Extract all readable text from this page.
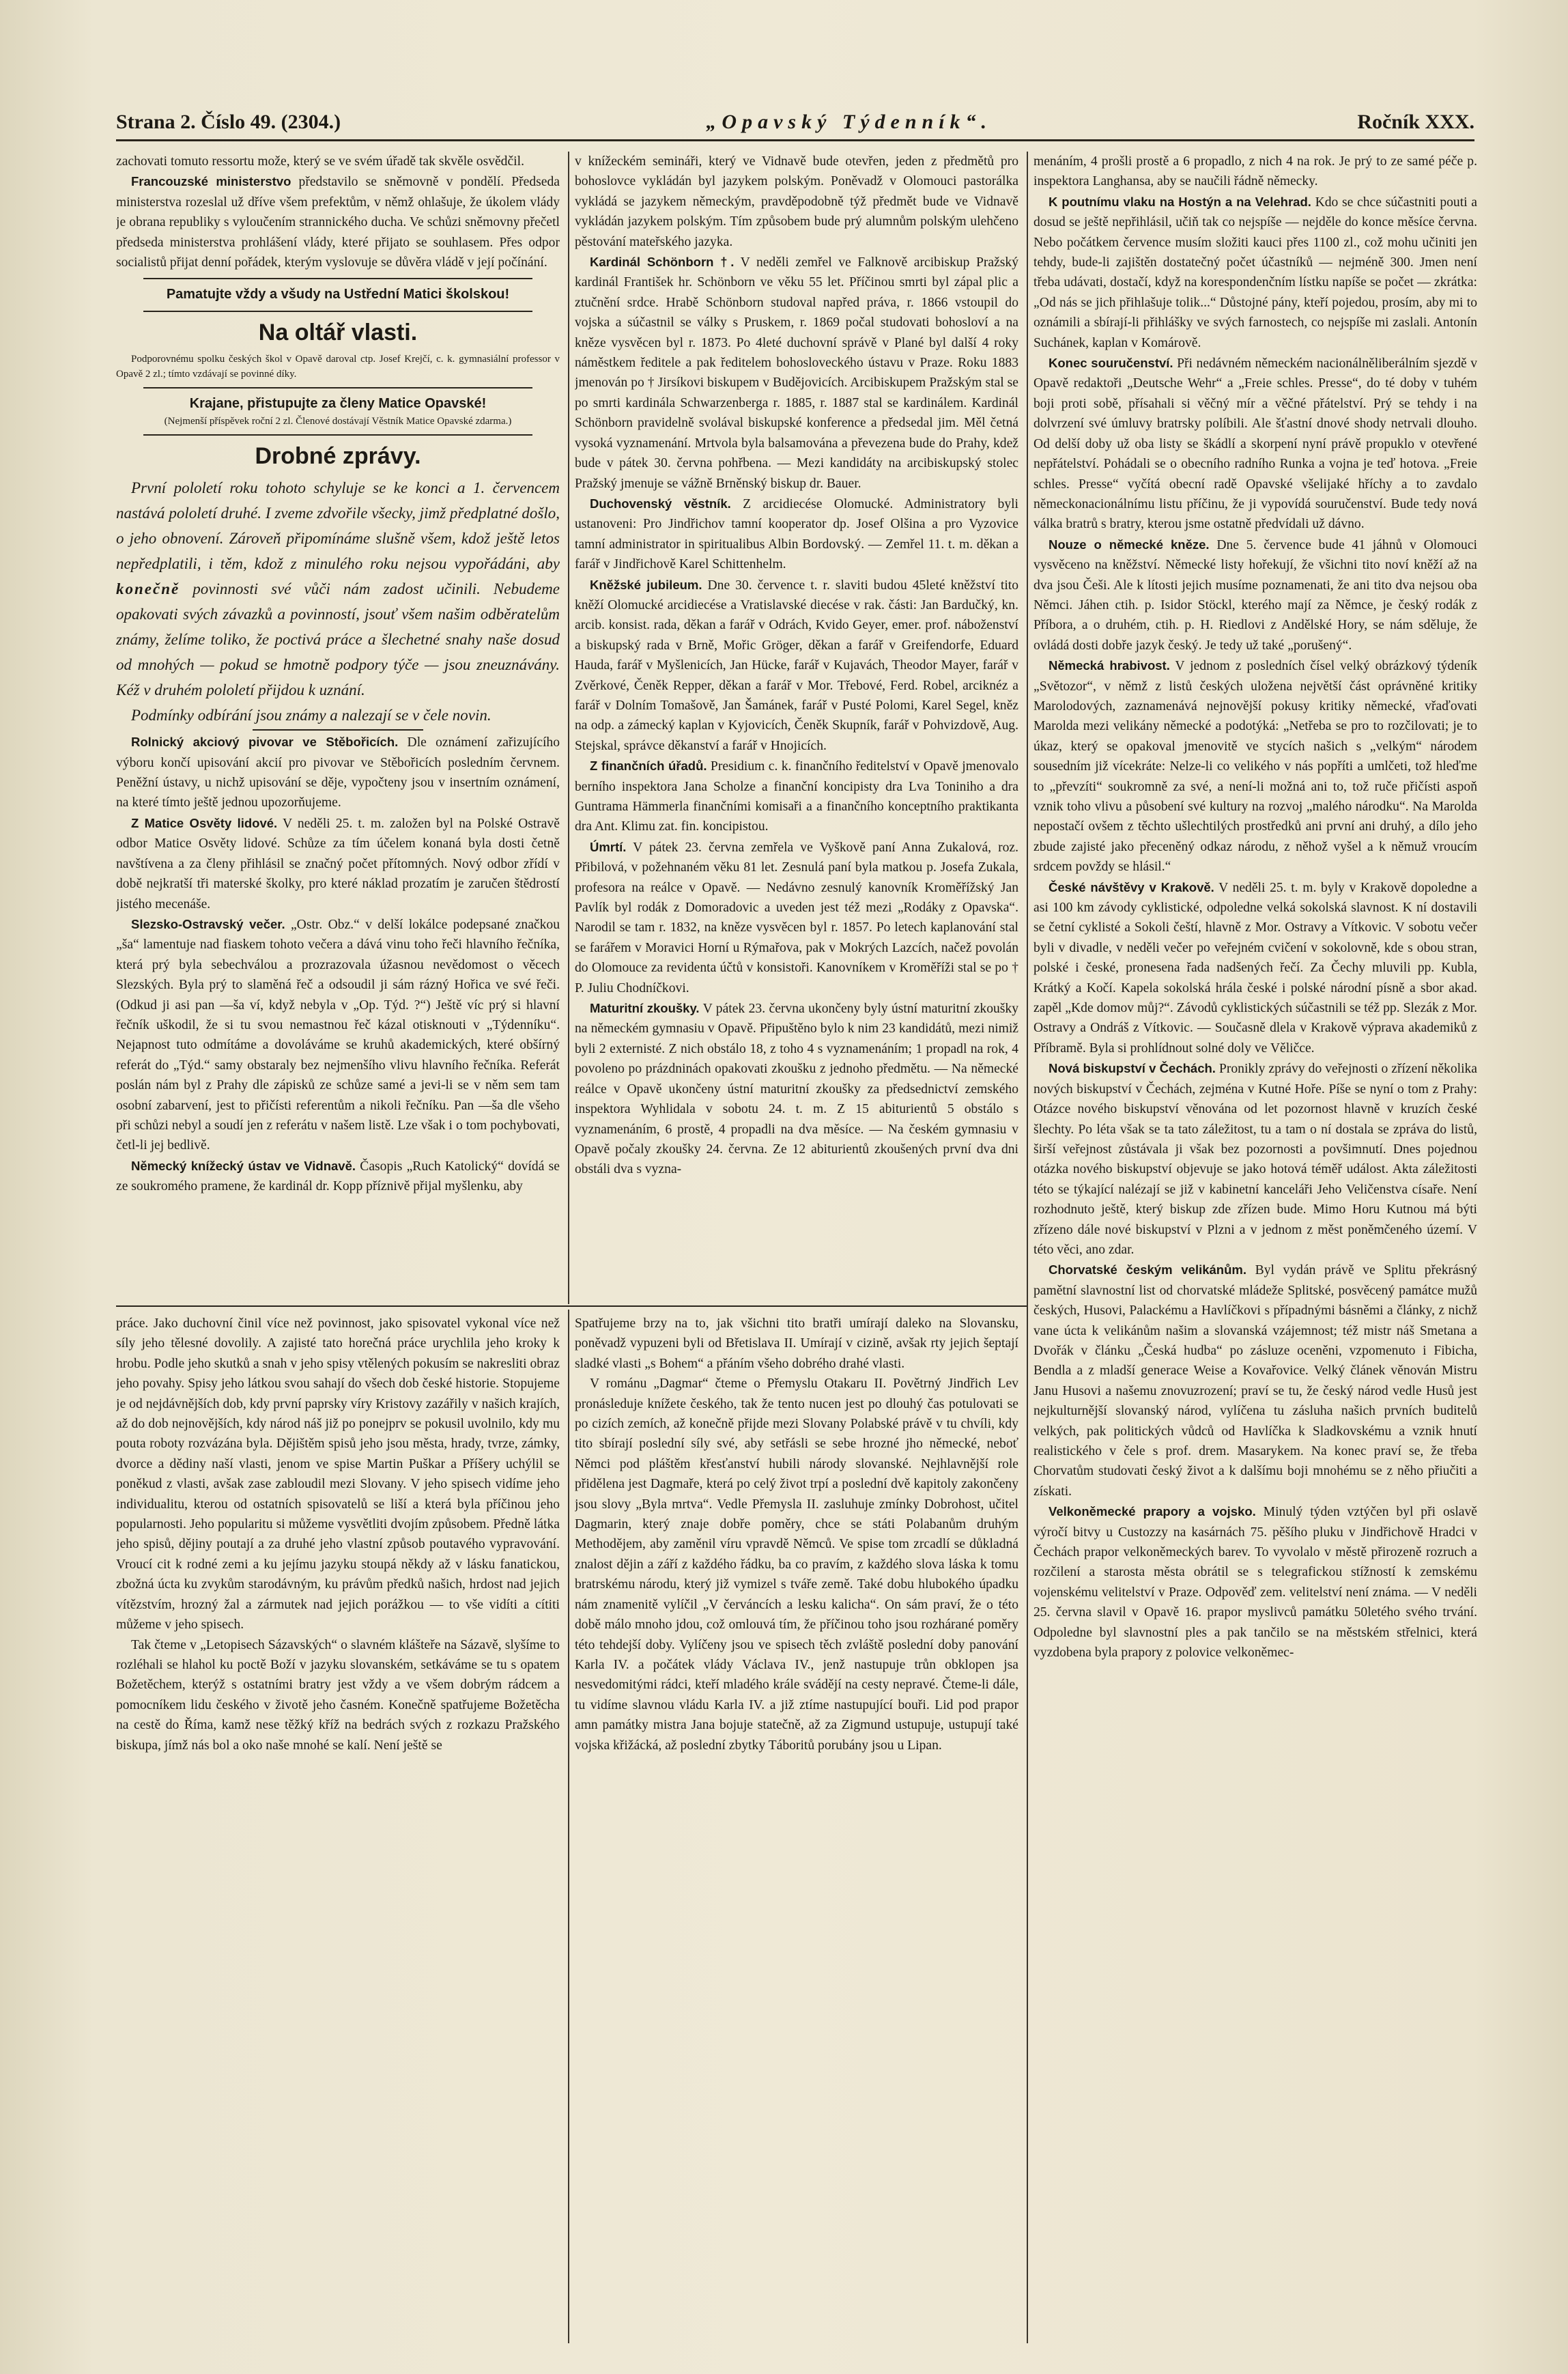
Strana 2. Číslo 49. (2304.)	„Opavský Týdenník“.	Ročník XXX.

zachovati tomuto ressortu može, který se ve svém úřadě tak skvěle osvědčil.

Francouzské ministerstvo představilo se sněmovně v pondělí. Předseda ministerstva rozeslal už dříve všem prefektům, v němž ohlašuje, že úkolem vlády je obrana republiky s vyloučením strannického ducha. Ve schůzi sněmovny přečetl předseda ministerstva prohlášení vlády, které přijato se souhlasem. Přes odpor socialistů přijat denní pořádek, kterým vyslovuje se důvěra vládě v její počínání.

Pamatujte vždy a všudy na Ustřední Matici školskou!

Na oltář vlasti.

Podporovnému spolku českých škol v Opavě daroval ctp. Josef Krejčí, c. k. gymnasiální professor v Opavě 2 zl.; tímto vzdávají se povinné díky.

Krajane, přistupujte za členy Matice Opavské!

(Nejmenší příspěvek roční 2 zl. Členové dostávají Věstník Matice Opavské zdarma.)

Drobné zprávy.

První pololetí roku tohoto schyluje se ke konci a 1. červencem nastává pololetí druhé. I zveme zdvořile všecky, jimž předplatné došlo, o jeho obnovení. Zároveň připomínáme slušně všem, kdož ještě letos nepředplatili, i těm, kdož z minulého roku nejsou vypořádáni, aby konečně povinnosti své vůči nám zadost učinili. Nebudeme opakovati svých závazků a povinností, jsouť všem našim odběratelům známy, želíme toliko, že poctivá práce a šlechetné snahy naše dosud od mnohých — pokud se hmotně podpory týče — jsou zneuznávány. Kéž v druhém pololetí přijdou k uznání.

Podmínky odbírání jsou známy a nalezají se v čele novin.

Rolnický akciový pivovar ve Stěbořicích. Dle oznámení zařizujícího výboru končí upisování akcií pro pivovar ve Stěbořicích posledním červnem. Peněžní ústavy, u nichž upisování se děje, vypočteny jsou v insertním oznámení, na které tímto ještě jednou upozorňujeme.

Z Matice Osvěty lidové. V neděli 25. t. m. založen byl na Polské Ostravě odbor Matice Osvěty lidové. Schůze za tím účelem konaná byla dosti četně navštívena a za členy přihlásil se značný počet přítomných. Nový odbor zřídí v době nejkratší tři materské školky, pro které náklad prozatím je zaručen štědrostí jistého mecenáše.

Slezsko-Ostravský večer. „Ostr. Obz.“ v delší lokálce podepsané značkou „ša“ lamentuje nad fiaskem tohoto večera a dává vinu toho řeči hlavního řečníka, která prý byla sebechválou a prozrazovala úžasnou nevědomost o věcech Slezských. Byla prý to slaměná řeč a odsoudil ji sám rázný Hořica ve své řeči. (Odkud ji asi pan —ša ví, když nebyla v „Op. Týd. ?“) Ještě víc prý si hlavní řečník uškodil, že si tu svou nemastnou řeč kázal otisknouti v „Týdenníku“. Nejapnost tuto odmítáme a dovoláváme se kruhů akademických, které obšírný referát do „Týd.“ samy obstaraly bez nejmenšího vlivu hlavního řečníka. Referát poslán nám byl z Prahy dle zápisků ze schůze samé a jevi-li se v něm sem tam osobní zabarvení, jest to přičísti referentům a nikoli řečníku. Pan —ša dle všeho při schůzi nebyl a soudí jen z referátu v našem listě. Lze však i o tom pochybovati, četl-li jej bedlivě.

Německý knížecký ústav ve Vidnavě. Časopis „Ruch Katolický“ dovídá se ze soukromého pramene, že kardinál dr. Kopp příznivě přijal myšlenku, aby

v knížeckém semináři, který ve Vidnavě bude otevřen, jeden z předmětů pro bohoslovce vykládán byl jazykem polským. Poněvadž v Olomouci pastorálka vykládá se jazykem německým, pravděpodobně týž předmět bude ve Vidnavě vykládán jazykem polským. Tím způsobem bude prý alumnům polským ulehčeno pěstování mateřského jazyka.

Kardinál Schönborn †. V neděli zemřel ve Falknově arcibiskup Pražský kardinál František hr. Schönborn ve věku 55 let. Příčinou smrti byl zápal plic a ztučnění srdce. Hrabě Schönborn studoval napřed práva, r. 1866 vstoupil do vojska a súčastnil se války s Pruskem, r. 1869 počal studovati bohosloví a na kněze vysvěcen byl r. 1873. Po 4leté duchovní správě v Plané byl další 4 roky náměstkem ředitele a pak ředitelem bohosloveckého ústavu v Praze. Roku 1883 jmenován po † Jirsíkovi biskupem v Budějovicích. Arcibiskupem Pražským stal se po smrti kardinála Schwarzenberga r. 1885, r. 1887 stal se kardinálem. Kardinál Schönborn pravidelně svolával biskupské konference a předsedal jim. Měl četná vysoká vyznamenání. Mrtvola byla balsamována a převezena bude do Prahy, kdež bude v pátek 30. června pohřbena. — Mezi kandidáty na arcibiskupský stolec Pražský jmenuje se vážně Brněnský biskup dr. Bauer.

Duchovenský věstník. Z arcidiecése Olomucké. Administratory byli ustanoveni: Pro Jindřichov tamní kooperator dp. Josef Olšina a pro Vyzovice tamní administrator in spiritualibus Albin Bordovský. — Zemřel 11. t. m. děkan a farář v Jindřichově Karel Schittenhelm.

Kněžské jubileum. Dne 30. července t. r. slaviti budou 45leté kněžství tito kněží Olomucké arcidiecése a Vratislavské diecése v rak. části: Jan Bardučký, kn. arcib. konsist. rada, děkan a farář v Odrách, Kvido Geyer, emer. prof. náboženství a biskupský rada v Brně, Mořic Gröger, děkan a farář v Greifendorfe, Eduard Hauda, farář v Myšlenicích, Jan Hücke, farář v Kujavách, Theodor Mayer, farář v Zvěrkové, Čeněk Repper, děkan a farář v Mor. Třebové, Ferd. Robel, arciknéz a farář v Dolním Tomašově, Jan Šamánek, farář v Pusté Polomi, Karel Segel, kněz na odp. a zámecký kaplan v Kyjovicích, Čeněk Skupník, farář v Pohvizdově, Aug. Stejskal, správce děkanství a farář v Hnojicích.

Z finančních úřadů. Presidium c. k. finančního ředitelství v Opavě jmenovalo berního inspektora Jana Scholze a finanční koncipisty dra Lva Toniniho a dra Guntrama Hämmerla finančními komisaři a a finančního konceptního praktikanta dra Ant. Klimu zat. fin. koncipistou.

Úmrtí. V pátek 23. června zemřela ve Vyškově paní Anna Zukalová, roz. Přibilová, v požehnaném věku 81 let. Zesnulá paní byla matkou p. Josefa Zukala, profesora na reálce v Opavě. — Nedávno zesnulý kanovník Kroměřížský Jan Pavlík byl rodák z Domoradovic a uveden jest též mezi „Rodáky z Opavska“. Narodil se tam r. 1832, na kněze vysvěcen byl r. 1857. Po letech kaplanování stal se farářem v Moravici Horní u Rýmařova, pak v Mokrých Lazcích, načež povolán do Olomouce za revidenta účtů v konsistoři. Kanovníkem v Kroměříži stal se po † P. Juliu Chodníčkovi.

Maturitní zkoušky. V pátek 23. června ukončeny byly ústní maturitní zkoušky na německém gymnasiu v Opavě. Připuštěno bylo k nim 23 kandidátů, mezi nimiž byli 2 externisté. Z nich obstálo 18, z toho 4 s vyznamenáním; 1 propadl na rok, 4 povoleno po prázdninách opakovati zkoušku z jednoho předmětu. — Na německé reálce v Opavě ukončeny ústní maturitní zkoušky za předsednictví zemského inspektora Wyhlidala v sobotu 24. t. m. Z 15 abiturientů 5 obstálo s vyznamenáním, 6 prostě, 4 propadli na dva měsíce. — Na českém gymnasiu v Opavě počaly zkoušky 24. června. Ze 12 abiturientů zkoušených první dva dni obstáli dva s vyzna-

menáním, 4 prošli prostě a 6 propadlo, z nich 4 na rok. Je prý to ze samé péče p. inspektora Langhansa, aby se naučili řádně německy.

K poutnímu vlaku na Hostýn a na Velehrad. Kdo se chce súčastniti pouti a dosud se ještě nepřihlásil, učiň tak co nejspíše — nejděle do konce měsíce června. Nebo počátkem července musím složiti kauci přes 1100 zl., což mohu učiniti jen tehdy, bude-li zajištěn dostatečný počet účastníků — nejméně 300. Jmen není třeba udávati, dostačí, když na korespondenčním lístku napíše se počet — zkrátka: „Od nás se jich přihlašuje tolik...“ Důstojné pány, kteří pojedou, prosím, aby mi to oznámili a sbírají-li přihlášky ve svých farnostech, co nejspíše mi zaslali. Antonín Suchánek, kaplan v Komárově.

Konec souručenství. Při nedávném německém nacionálněliberálním sjezdě v Opavě redaktoři „Deutsche Wehr“ a „Freie schles. Presse“, do té doby v tuhém boji proti sobě, přísahali si věčný mír a věčné přátelství. Prý se tehdy i na dolvrzení své úmluvy bratrsky políbili. Ale šťastní dnové shody netrvali dlouho. Od delší doby už oba listy se škádlí a skorpení nyní právě propuklo v otevřené nepřátelství. Pohádali se o obecního radního Runka a vojna je teď hotova. „Freie schles. Presse“ vyčítá obecní radě Opavské všelijaké hříchy a to zavdalo německonacionálnímu listu příčinu, že ji vypovídá souručenství. Bude tedy nová válka bratrů s bratry, kterou jsme ostatně předvídali už dávno.

Nouze o německé kněze. Dne 5. července bude 41 jáhnů v Olomouci vysvěceno na kněžství. Německé listy hořekují, že všichni tito noví kněží až na dva jsou Češi. Ale k lítosti jejich musíme poznamenati, že ani tito dva nejsou oba Němci. Jáhen ctih. p. Isidor Stöckl, kterého mají za Němce, je český rodák z Příbora, a o druhém, ctih. p. H. Riedlovi z Andělské Hory, se nám sděluje, že ovládá dosti dobře jazyk český. Je tedy už také „porušený“.

Německá hrabivost. V jednom z posledních čísel velký obrázkový týdeník „Světozor“, v němž z listů českých uložena největší část oprávněné kritiky Marolodových, zaznamenává nejnovější pokusy kritiky německé, vřaďovati Marolda mezi velikány německé a podotýká: „Netřeba se pro to rozčilovati; je to úkaz, který se opakoval jmenovitě ve stycích našich s „velkým“ národem sousedním již vícekráte: Nelze-li co velikého v nás popříti a umlčeti, tož hleďme to „převzíti“ soukromně za své, a není-li možná ani to, tož ruče přičísti aspoň vznik toho vlivu a působení své kultury na rozvoj „malého národku“. Na Marolda nepostačí ovšem z těchto ušlechtilých prostředků ani první ani druhý, a dílo jeho zbude zajisté jako přeceněný odkaz národu, z něhož vyšel a k němuž vroucím srdcem povždy se hlásil.“

České návštěvy v Krakově. V neděli 25. t. m. byly v Krakově dopoledne a asi 100 km závody cyklistické, odpoledne velká sokolská slavnost. K ní dostavili se četní cyklisté a Sokoli čeští, hlavně z Mor. Ostravy a Vítkovic. V sobotu večer byli v divadle, v neděli večer po veřejném cvičení v sokolovně, kde s obou stran, polské i české, pronesena řada nadšených řečí. Za Čechy mluvili pp. Kubla, Krátký a Kočí. Kapela sokolská hrála české i polské národní písně a sbor akad. zapěl „Kde domov můj?“. Závodů cyklistických súčastnili se též pp. Slezák z Mor. Ostravy a Ondráš z Vítkovic. — Současně dlela v Krakově výprava akademiků z Příbramě. Byla si prohlídnout solné doly ve Věličce.

Nová biskupství v Čechách. Pronikly zprávy do veřejnosti o zřízení několika nových biskupství v Čechách, zejména v Kutné Hoře. Píše se nyní o tom z Prahy: Otázce nového biskupství věnována od let pozornost hlavně v kruzích české šlechty. Po léta však se ta tato záležitost, tu a tam o ní dostala se zpráva do listů, širší veřejnost zůstávala ji však bez pozornosti a povšimnutí. Dnes pojednou otázka nového biskupství objevuje se jako hotová téměř událost. Akta záležitosti této se týkající nalézají se již v kabinetní kanceláři Jeho Veličenstva císaře. Není rozhodnuto ještě, který biskup zde zřízen bude. Mimo Horu Kutnou má býti zřízeno dále nové biskupství v Plzni a v jednom z měst poněmčeného území. V této věci, ano zdar.

Chorvatské českým velikánům. Byl vydán právě ve Splitu překrásný pamětní slavnostní list od chorvatské mládeže Splitské, posvěcený památce mužů českých, Husovi, Palackému a Havlíčkovi s případnými básněmi a články, z nichž vane úcta k velikánům našim a slovanská vzájemnost; též mistr náš Smetana a Dvořák v článku „Česká hudba“ po zásluze oceněni, vzpomenuto i Fibicha, Bendla a z mladší generace Weise a Kovařovice. Velký článek věnován Mistru Janu Husovi a našemu znovuzrození; praví se tu, že český národ vedle Husů jest nejkulturnější slovanský národ, vylíčena tu zásluha našich prvních buditelů velkých, pak politických vůdců od Havlíčka k Sladkovskému a vznik hnutí realistického v čele s prof. drem. Masarykem. Na konec praví se, že třeba Chorvatům studovati český život a k dalšímu boji mnohému se z něho přiučiti a získati.

Velkoněmecké prapory a vojsko. Minulý týden vztýčen byl při oslavě výročí bitvy u Custozzy na kasárnách 75. pěšího pluku v Jindřichově Hradci v Čechách prapor velkoněmeckých barev. To vyvolalo v městě přirozeně rozruch a rozčilení a starosta města obrátil se s telegrafickou stížností k zemskému vojenskému velitelství v Praze. Odpověď zem. velitelství není známa. — V neděli 25. června slavil v Opavě 16. prapor myslivců památku 50letého svého trvání. Odpoledne byl slavnostní ples a pak tančilo se na městském střelnici, která vyzdobena byla prapory z polovice velkoněmec-

práce. Jako duchovní činil více než povinnost, jako spisovatel vykonal více než síly jeho tělesné dovolily. A zajisté tato horečná práce urychlila jeho kroky k hrobu. Podle jeho skutků a snah v jeho spisy vtělených pokusím se nakresliti obraz jeho povahy. Spisy jeho látkou svou sahají do všech dob české historie. Stopujeme je od nejdávnějších dob, kdy první paprsky víry Kristovy zazářily v našich krajích, až do dob nejnovějších, kdy národ náš již po ponejprv se pokusil uvolnilo, kdy mu pouta roboty rozvázána byla. Dějištěm spisů jeho jsou města, hrady, tvrze, zámky, dvorce a dědiny naší vlasti, jenom ve spise Martin Puškar a Příšery uchýlil se poněkud z vlasti, avšak zase zabloudil mezi Slovany. V jeho spisech vidíme jeho individualitu, kterou od ostatních spisovatelů se liší a která byla příčinou jeho popularnosti. Jeho popularitu si můžeme vysvětliti dvojím způsobem. Předně látka jeho spisů, dějiny poutají a za druhé jeho vlastní způsob poutavého vypravování. Vroucí cit k rodné zemi a ku jejímu jazyku stoupá někdy až v lásku fanatickou, zbožná úcta ku zvykům starodávným, ku právům předků našich, hrdost nad jejich vítězstvím, hrozný žal a zármutek nad jejich porážkou — to vše vidíti a cítiti můžeme v jeho spisech.

Tak čteme v „Letopisech Sázavských“ o slavném klášteře na Sázavě, slyšíme to rozléhali se hlahol ku poctě Boží v jazyku slovanském, setkáváme se tu s opatem Božetěchem, kterýž s ostatními bratry jest vždy a ve všem dobrým rádcem a pomocníkem lidu českého v životě jeho časném. Konečně spatřujeme Božetěcha na cestě do Říma, kamž nese těžký kříž na bedrách svých z rozkazu Pražského biskupa, jímž nás bol a oko naše mnohé se kalí. Není ještě se

Spatřujeme brzy na to, jak všichni tito bratři umírají daleko na Slovansku, poněvadž vypuzeni byli od Břetislava II. Umírají v cizině, avšak rty jejich šeptají sladké vlasti „s Bohem“ a přáním všeho dobrého drahé vlasti.

V románu „Dagmar“ čteme o Přemyslu Otakaru II. Povětrný Jindřich Lev pronásleduje knížete českého, tak že tento nucen jest po dlouhý čas potulovati se po cizích zemích, až konečně přijde mezi Slovany Polabské právě v tu chvíli, kdy tito sbírají poslední síly své, aby setřásli se sebe hrozné jho německé, neboť Němci pod pláštěm křesťanství hubili národy slovanské. Nejhlavnější role přidělena jest Dagmaře, která po celý život trpí a poslední dvě kapitoly zakončeny jsou slovy „Byla mrtva“. Vedle Přemysla II. zasluhuje zmínky Dobrohost, učitel Dagmarin, který znaje dobře poměry, chce se státi Polabanům druhým Methodějem, aby zaměnil víru vpravdě Němců. Ve spise tom zrcadlí se důkladná znalost dějin a září z každého řádku, ba co pravím, z každého slova láska k tomu bratrskému národu, který již vymizel s tváře země. Také dobu hlubokého úpadku nám znamenitě vylíčil „V červáncích a lesku kalicha“. On sám praví, že o této době málo mnoho jdou, což omlouvá tím, že příčinou toho jsou rozhárané poměry této tehdejší doby. Vylíčeny jsou ve spisech těch zvláště poslední doby panování Karla IV. a počátek vlády Václava IV., jenž nastupuje trůn obklopen jsa nesvedomitými rádci, kteří mladého krále svádějí na cesty nepravé. Čteme-li dále, tu vidíme slavnou vládu Karla IV. a již ztíme nastupující bouři. Lid pod prapor amn památky mistra Jana bojuje statečně, až za Zigmund ustupuje, ustupují také vojska křižácká, až poslední zbytky Táboritů porubány jsou u Lipan.
